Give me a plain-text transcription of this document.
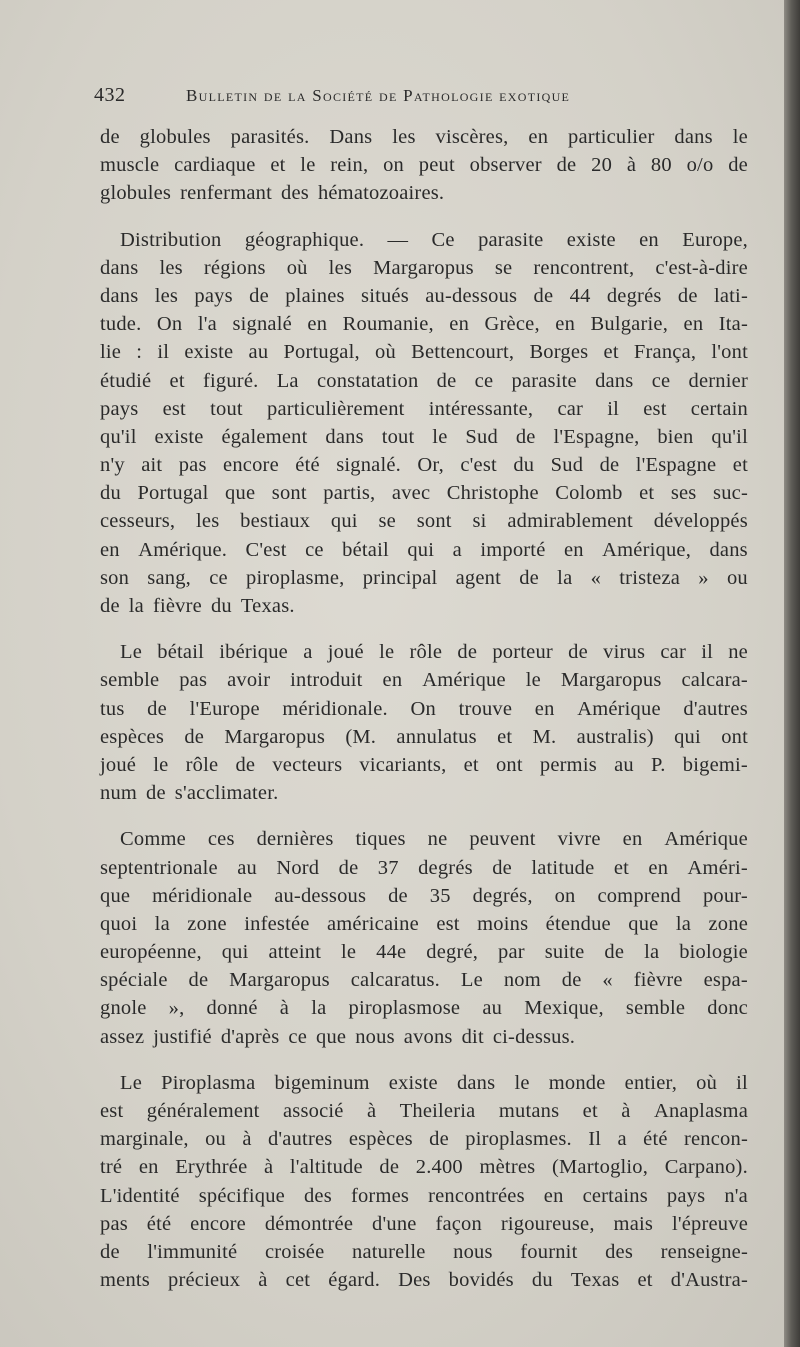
432	Bulletin de la Société de Pathologie exotique
de globules parasités. Dans les viscères, en particulier dans le
muscle cardiaque et le rein, on peut observer de 20 à 80 o/o de
globules renfermant des hématozoaires.
Distribution géographique. — Ce parasite existe en Europe,
dans les régions où les Margaropus se rencontrent, c'est-à-dire
dans les pays de plaines situés au-dessous de 44 degrés de lati-
tude. On l'a signalé en Roumanie, en Grèce, en Bulgarie, en Ita-
lie : il existe au Portugal, où Bettencourt, Borges et França, l'ont
étudié et figuré. La constatation de ce parasite dans ce dernier
pays est tout particulièrement intéressante, car il est certain
qu'il existe également dans tout le Sud de l'Espagne, bien qu'il
n'y ait pas encore été signalé. Or, c'est du Sud de l'Espagne et
du Portugal que sont partis, avec Christophe Colomb et ses suc-
cesseurs, les bestiaux qui se sont si admirablement développés
en Amérique. C'est ce bétail qui a importé en Amérique, dans
son sang, ce piroplasme, principal agent de la « tristeza » ou
de la fièvre du Texas.
Le bétail ibérique a joué le rôle de porteur de virus car il ne
semble pas avoir introduit en Amérique le Margaropus calcara-
tus de l'Europe méridionale. On trouve en Amérique d'autres
espèces de Margaropus (M. annulatus et M. australis) qui ont
joué le rôle de vecteurs vicariants, et ont permis au P. bigemi-
num de s'acclimater.
Comme ces dernières tiques ne peuvent vivre en Amérique
septentrionale au Nord de 37 degrés de latitude et en Améri-
que méridionale au-dessous de 35 degrés, on comprend pour-
quoi la zone infestée américaine est moins étendue que la zone
européenne, qui atteint le 44e degré, par suite de la biologie
spéciale de Margaropus calcaratus. Le nom de « fièvre espa-
gnole », donné à la piroplasmose au Mexique, semble donc
assez justifié d'après ce que nous avons dit ci-dessus.
Le Piroplasma bigeminum existe dans le monde entier, où il
est généralement associé à Theileria mutans et à Anaplasma
marginale, ou à d'autres espèces de piroplasmes. Il a été rencon-
tré en Erythrée à l'altitude de 2.400 mètres (Martoglio, Carpano).
L'identité spécifique des formes rencontrées en certains pays n'a
pas été encore démontrée d'une façon rigoureuse, mais l'épreuve
de l'immunité croisée naturelle nous fournit des renseigne-
ments précieux à cet égard. Des bovidés du Texas et d'Austra-
